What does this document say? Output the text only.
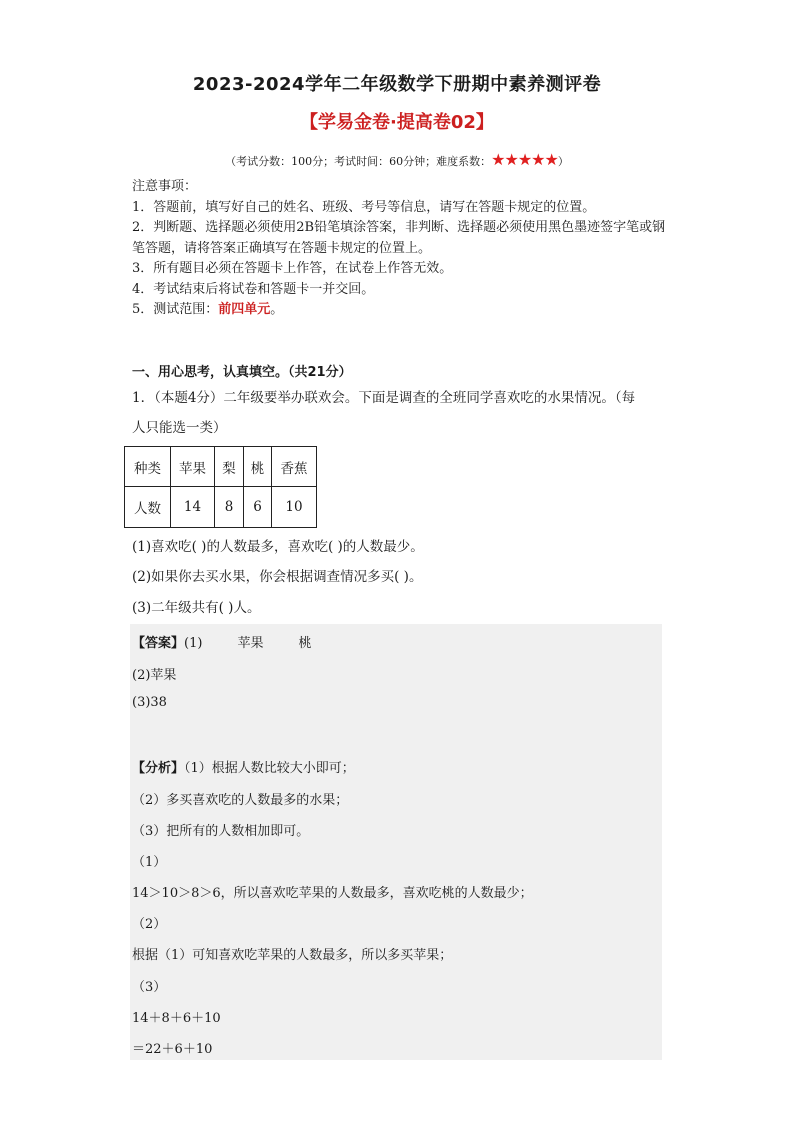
2023-2024学年二年级数学下册期中素养测评卷
【学易金卷·提高卷02】
（考试分数：100分；考试时间：60分钟；难度系数：★★★★★）

注意事项：

1．答题前，填写好自己的姓名、班级、考号等信息，请写在答题卡规定的位置。

2．判断题、选择题必须使用2B铅笔填涂答案，非判断、选择题必须使用黑色墨迹签字笔或钢笔答题，请将答案正确填写在答题卡规定的位置上。

3．所有题目必须在答题卡上作答，在试卷上作答无效。

4．考试结束后将试卷和答题卡一并交回。

5．测试范围：前四单元。

一、用心思考，认真填空。（共21分）
1．（本题4分）二年级要举办联欢会。下面是调查的全班同学喜欢吃的水果情况。（每
人只能选一类）
种类	苹果	梨	桃	香蕉
人数	14	8	6	10
(1)喜欢吃( )的人数最多，喜欢吃( )的人数最少。
(2)如果你去买水果，你会根据调查情况多买( )。
(3)二年级共有( )人。
【答案】(1)	苹果	桃
(2)苹果
(3)38
【分析】（1）根据人数比较大小即可；
（2）多买喜欢吃的人数最多的水果；
（3）把所有的人数相加即可。
（1）
14＞10＞8＞6，所以喜欢吃苹果的人数最多，喜欢吃桃的人数最少；
（2）
根据（1）可知喜欢吃苹果的人数最多，所以多买苹果；
（3）
14＋8＋6＋10
＝22＋6＋10
